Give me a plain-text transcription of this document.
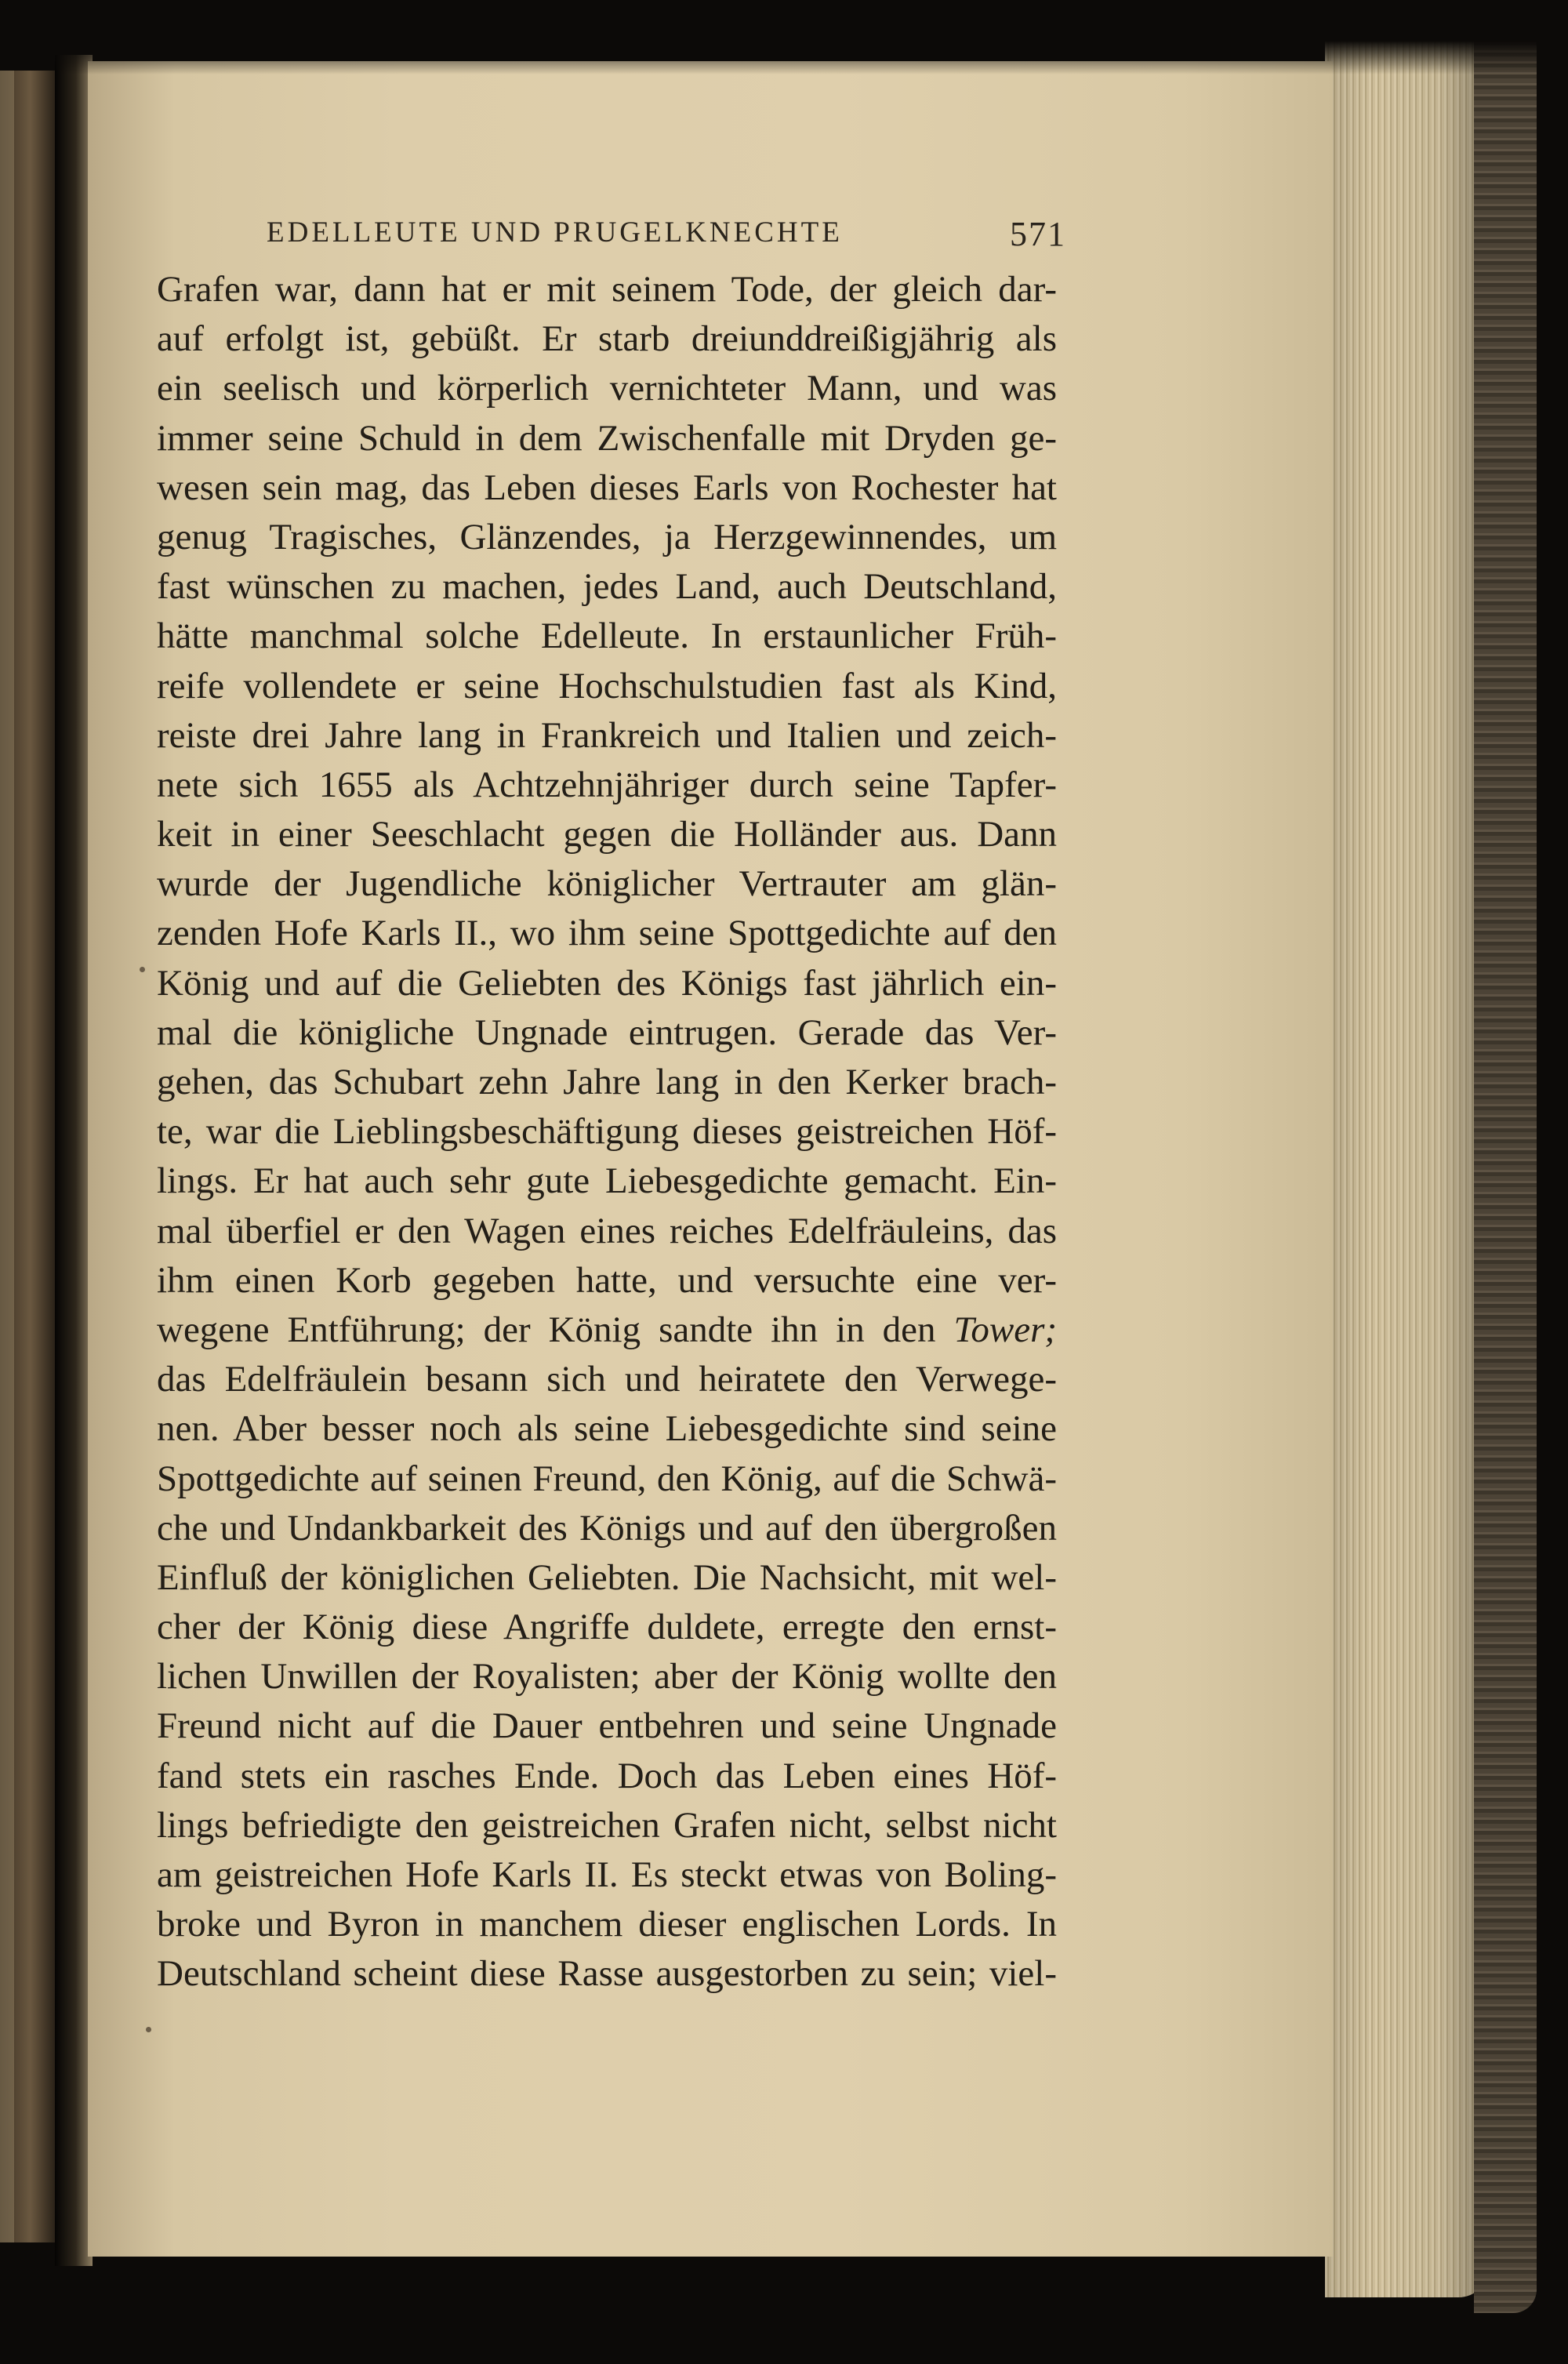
EDELLEUTE UND PRUGELKNECHTE	571
Grafen war, dann hat er mit seinem Tode, der gleich dar-
auf erfolgt ist, gebüßt. Er starb dreiunddreißigjährig als
ein seelisch und körperlich vernichteter Mann, und was
immer seine Schuld in dem Zwischenfalle mit Dryden ge-
wesen sein mag, das Leben dieses Earls von Rochester hat
genug Tragisches, Glänzendes, ja Herzgewinnendes, um
fast wünschen zu machen, jedes Land, auch Deutschland,
hätte manchmal solche Edelleute. In erstaunlicher Früh-
reife vollendete er seine Hochschulstudien fast als Kind,
reiste drei Jahre lang in Frankreich und Italien und zeich-
nete sich 1655 als Achtzehnjähriger durch seine Tapfer-
keit in einer Seeschlacht gegen die Holländer aus. Dann
wurde der Jugendliche königlicher Vertrauter am glän-
zenden Hofe Karls II., wo ihm seine Spottgedichte auf den
König und auf die Geliebten des Königs fast jährlich ein-
mal die königliche Ungnade eintrugen. Gerade das Ver-
gehen, das Schubart zehn Jahre lang in den Kerker brach-
te, war die Lieblingsbeschäftigung dieses geistreichen Höf-
lings. Er hat auch sehr gute Liebesgedichte gemacht. Ein-
mal überfiel er den Wagen eines reiches Edelfräuleins, das
ihm einen Korb gegeben hatte, und versuchte eine ver-
wegene Entführung; der König sandte ihn in den Tower;
das Edelfräulein besann sich und heiratete den Verwege-
nen. Aber besser noch als seine Liebesgedichte sind seine
Spottgedichte auf seinen Freund, den König, auf die Schwä-
che und Undankbarkeit des Königs und auf den übergroßen
Einfluß der königlichen Geliebten. Die Nachsicht, mit wel-
cher der König diese Angriffe duldete, erregte den ernst-
lichen Unwillen der Royalisten; aber der König wollte den
Freund nicht auf die Dauer entbehren und seine Ungnade
fand stets ein rasches Ende. Doch das Leben eines Höf-
lings befriedigte den geistreichen Grafen nicht, selbst nicht
am geistreichen Hofe Karls II. Es steckt etwas von Boling-
broke und Byron in manchem dieser englischen Lords. In
Deutschland scheint diese Rasse ausgestorben zu sein; viel-
